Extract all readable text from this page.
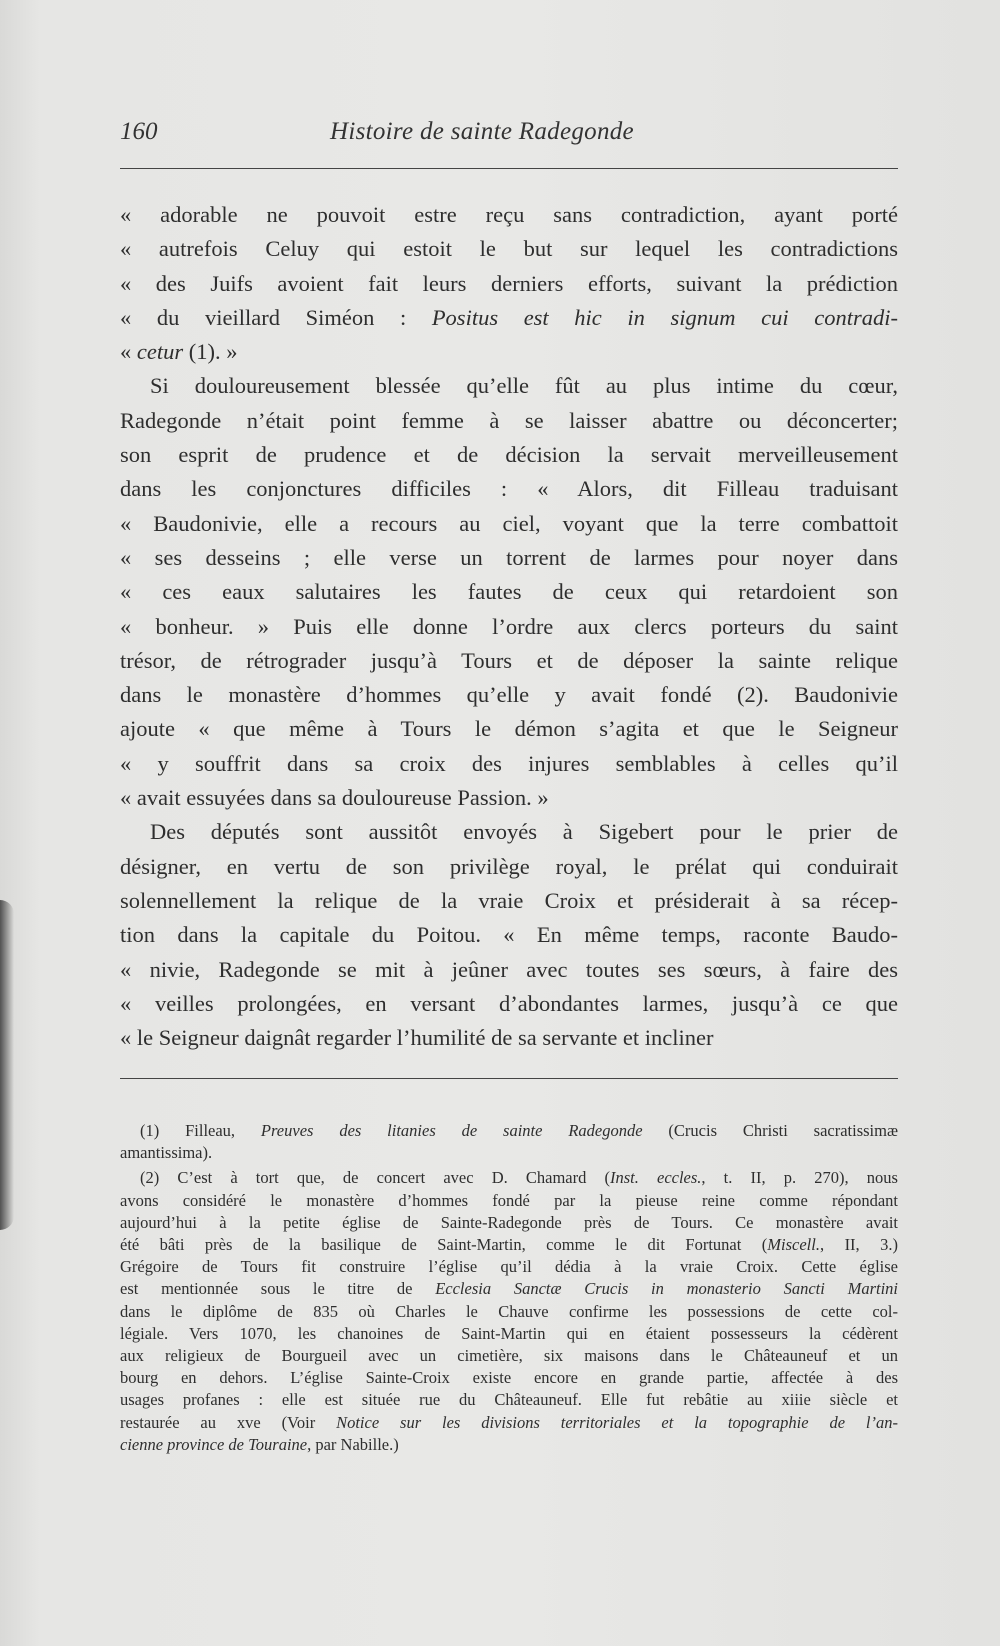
160	Histoire de sainte Radegonde
« adorable ne pouvoit estre reçu sans contradiction, ayant porté
« autrefois Celuy qui estoit le but sur lequel les contradictions
« des Juifs avoient fait leurs derniers efforts, suivant la prédiction
« du vieillard Siméon : Positus est hic in signum cui contradi-
« cetur (1). »
Si douloureusement blessée qu’elle fût au plus intime du cœur,
Radegonde n’était point femme à se laisser abattre ou déconcerter;
son esprit de prudence et de décision la servait merveilleusement
dans les conjonctures difficiles : « Alors, dit Filleau traduisant
« Baudonivie, elle a recours au ciel, voyant que la terre combattoit
« ses desseins ; elle verse un torrent de larmes pour noyer dans
« ces eaux salutaires les fautes de ceux qui retardoient son
« bonheur. » Puis elle donne l’ordre aux clercs porteurs du saint
trésor, de rétrograder jusqu’à Tours et de déposer la sainte relique
dans le monastère d’hommes qu’elle y avait fondé (2). Baudonivie
ajoute « que même à Tours le démon s’agita et que le Seigneur
« y souffrit dans sa croix des injures semblables à celles qu’il
« avait essuyées dans sa douloureuse Passion. »
Des députés sont aussitôt envoyés à Sigebert pour le prier de
désigner, en vertu de son privilège royal, le prélat qui conduirait
solennellement la relique de la vraie Croix et présiderait à sa récep-
tion dans la capitale du Poitou. « En même temps, raconte Baudo-
« nivie, Radegonde se mit à jeûner avec toutes ses sœurs, à faire des
« veilles prolongées, en versant d’abondantes larmes, jusqu’à ce que
« le Seigneur daignât regarder l’humilité de sa servante et incliner
(1) Filleau, Preuves des litanies de sainte Radegonde (Crucis Christi sacratissimæ
amantissima).
(2) C’est à tort que, de concert avec D. Chamard (Inst. eccles., t. II, p. 270), nous
avons considéré le monastère d’hommes fondé par la pieuse reine comme répondant
aujourd’hui à la petite église de Sainte-Radegonde près de Tours. Ce monastère avait
été bâti près de la basilique de Saint-Martin, comme le dit Fortunat (Miscell., II, 3.)
Grégoire de Tours fit construire l’église qu’il dédia à la vraie Croix. Cette église
est mentionnée sous le titre de Ecclesia Sanctæ Crucis in monasterio Sancti Martini
dans le diplôme de 835 où Charles le Chauve confirme les possessions de cette col-
légiale. Vers 1070, les chanoines de Saint-Martin qui en étaient possesseurs la cédèrent
aux religieux de Bourgueil avec un cimetière, six maisons dans le Châteauneuf et un
bourg en dehors. L’église Sainte-Croix existe encore en grande partie, affectée à des
usages profanes : elle est située rue du Châteauneuf. Elle fut rebâtie au xiiie siècle et
restaurée au xve (Voir Notice sur les divisions territoriales et la topographie de l’an-
cienne province de Touraine, par Nabille.)
